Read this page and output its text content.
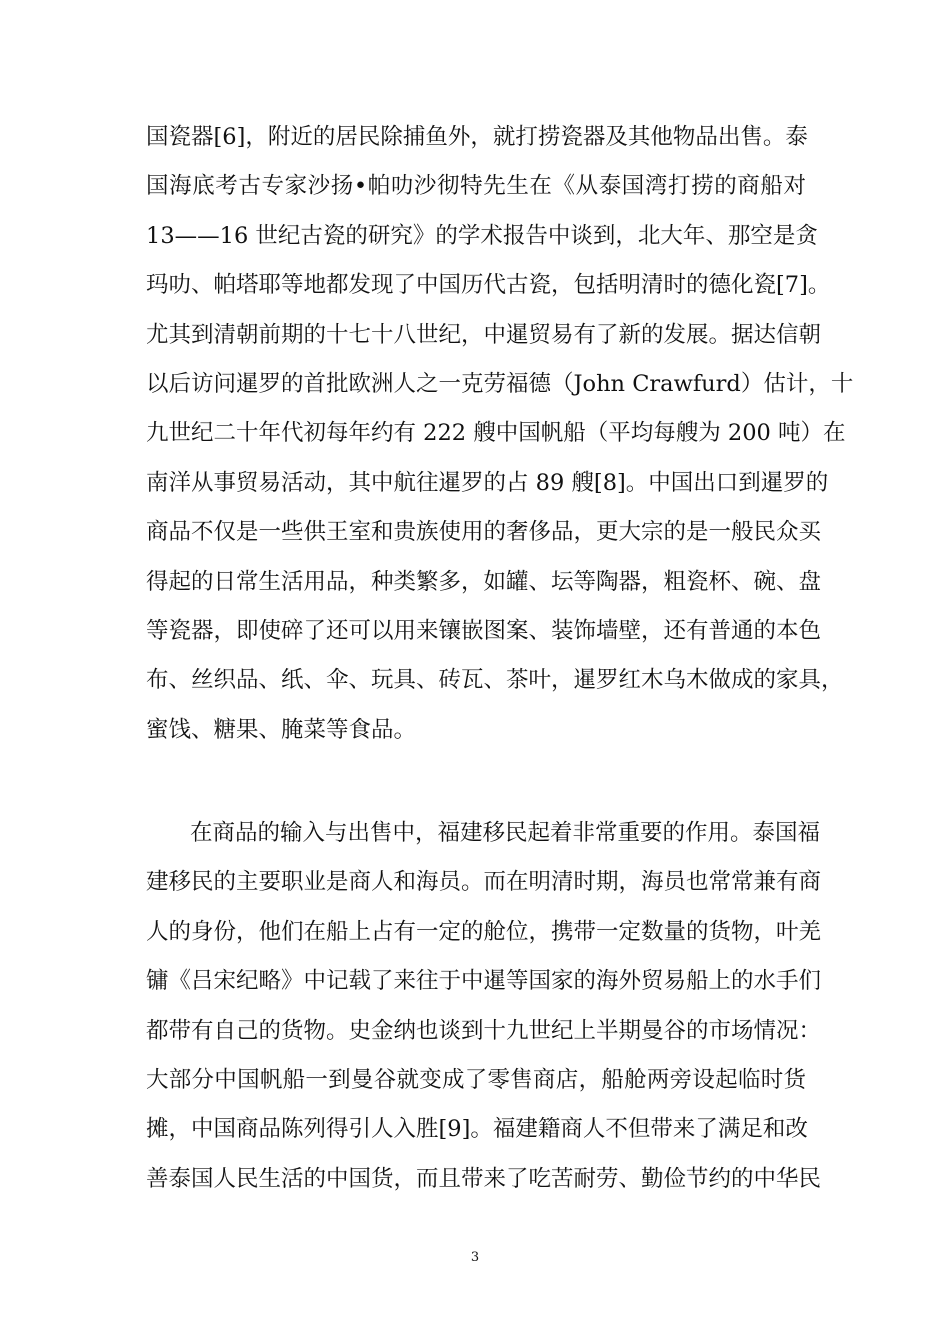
国瓷器[6]，附近的居民除捕鱼外，就打捞瓷器及其他物品出售。泰
国海底考古专家沙扬•帕叻沙彻特先生在《从泰国湾打捞的商船对
13——16 世纪古瓷的研究》的学术报告中谈到，北大年、那空是贪
玛叻、帕塔耶等地都发现了中国历代古瓷，包括明清时的德化瓷[7]。
尤其到清朝前期的十七十八世纪，中暹贸易有了新的发展。据达信朝
以后访问暹罗的首批欧洲人之一克劳福德（John Crawfurd）估计，十
九世纪二十年代初每年约有 222 艘中国帆船（平均每艘为 200 吨）在
南洋从事贸易活动，其中航往暹罗的占 89 艘[8]。中国出口到暹罗的
商品不仅是一些供王室和贵族使用的奢侈品，更大宗的是一般民众买
得起的日常生活用品，种类繁多，如罐、坛等陶器，粗瓷杯、碗、盘
等瓷器，即使碎了还可以用来镶嵌图案、装饰墙壁，还有普通的本色
布、丝织品、纸、伞、玩具、砖瓦、茶叶，暹罗红木乌木做成的家具，
蜜饯、糖果、腌菜等食品。
在商品的输入与出售中，福建移民起着非常重要的作用。泰国福
建移民的主要职业是商人和海员。而在明清时期，海员也常常兼有商
人的身份，他们在船上占有一定的舱位，携带一定数量的货物，叶羌
镛《吕宋纪略》中记载了来往于中暹等国家的海外贸易船上的水手们
都带有自己的货物。史金纳也谈到十九世纪上半期曼谷的市场情况：
大部分中国帆船一到曼谷就变成了零售商店，船舱两旁设起临时货
摊，中国商品陈列得引人入胜[9]。福建籍商人不但带来了满足和改
善泰国人民生活的中国货，而且带来了吃苦耐劳、勤俭节约的中华民
3
